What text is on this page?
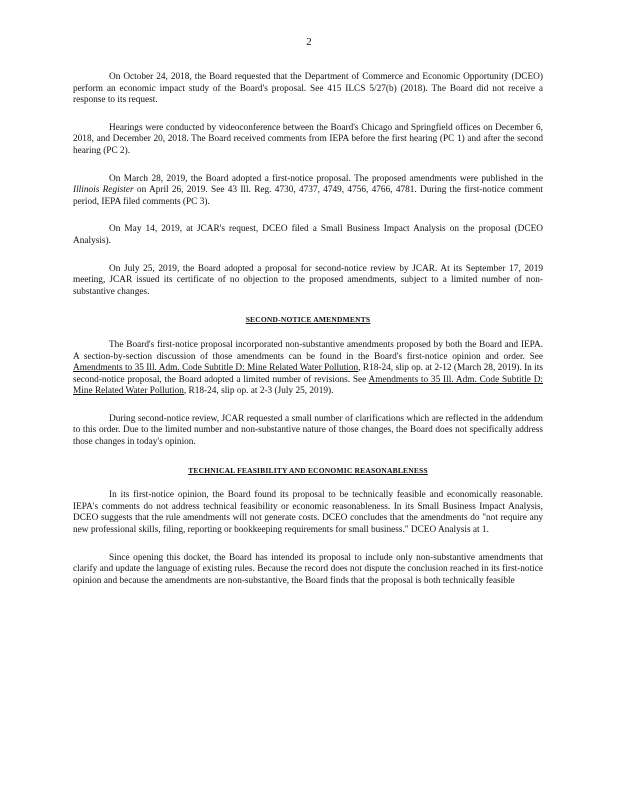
2

On October 24, 2018, the Board requested that the Department of Commerce and Economic Opportunity (DCEO) perform an economic impact study of the Board's proposal. See 415 ILCS 5/27(b) (2018). The Board did not receive a response to its request.

Hearings were conducted by videoconference between the Board's Chicago and Springfield offices on December 6, 2018, and December 20, 2018. The Board received comments from IEPA before the first hearing (PC 1) and after the second hearing (PC 2).

On March 28, 2019, the Board adopted a first-notice proposal. The proposed amendments were published in the Illinois Register on April 26, 2019. See 43 Ill. Reg. 4730, 4737, 4749, 4756, 4766, 4781. During the first-notice comment period, IEPA filed comments (PC 3).

On May 14, 2019, at JCAR's request, DCEO filed a Small Business Impact Analysis on the proposal (DCEO Analysis).

On July 25, 2019, the Board adopted a proposal for second-notice review by JCAR. At its September 17, 2019 meeting, JCAR issued its certificate of no objection to the proposed amendments, subject to a limited number of non-substantive changes.

SECOND-NOTICE AMENDMENTS

The Board's first-notice proposal incorporated non-substantive amendments proposed by both the Board and IEPA. A section-by-section discussion of those amendments can be found in the Board's first-notice opinion and order. See Amendments to 35 Ill. Adm. Code Subtitle D: Mine Related Water Pollution, R18-24, slip op. at 2-12 (March 28, 2019). In its second-notice proposal, the Board adopted a limited number of revisions. See Amendments to 35 Ill. Adm. Code Subtitle D: Mine Related Water Pollution, R18-24, slip op. at 2-3 (July 25, 2019).

During second-notice review, JCAR requested a small number of clarifications which are reflected in the addendum to this order. Due to the limited number and non-substantive nature of those changes, the Board does not specifically address those changes in today's opinion.

TECHNICAL FEASIBILITY AND ECONOMIC REASONABLENESS

In its first-notice opinion, the Board found its proposal to be technically feasible and economically reasonable. IEPA's comments do not address technical feasibility or economic reasonableness. In its Small Business Impact Analysis, DCEO suggests that the rule amendments will not generate costs. DCEO concludes that the amendments do "not require any new professional skills, filing, reporting or bookkeeping requirements for small business." DCEO Analysis at 1.

Since opening this docket, the Board has intended its proposal to include only non-substantive amendments that clarify and update the language of existing rules. Because the record does not dispute the conclusion reached in its first-notice opinion and because the amendments are non-substantive, the Board finds that the proposal is both technically feasible
